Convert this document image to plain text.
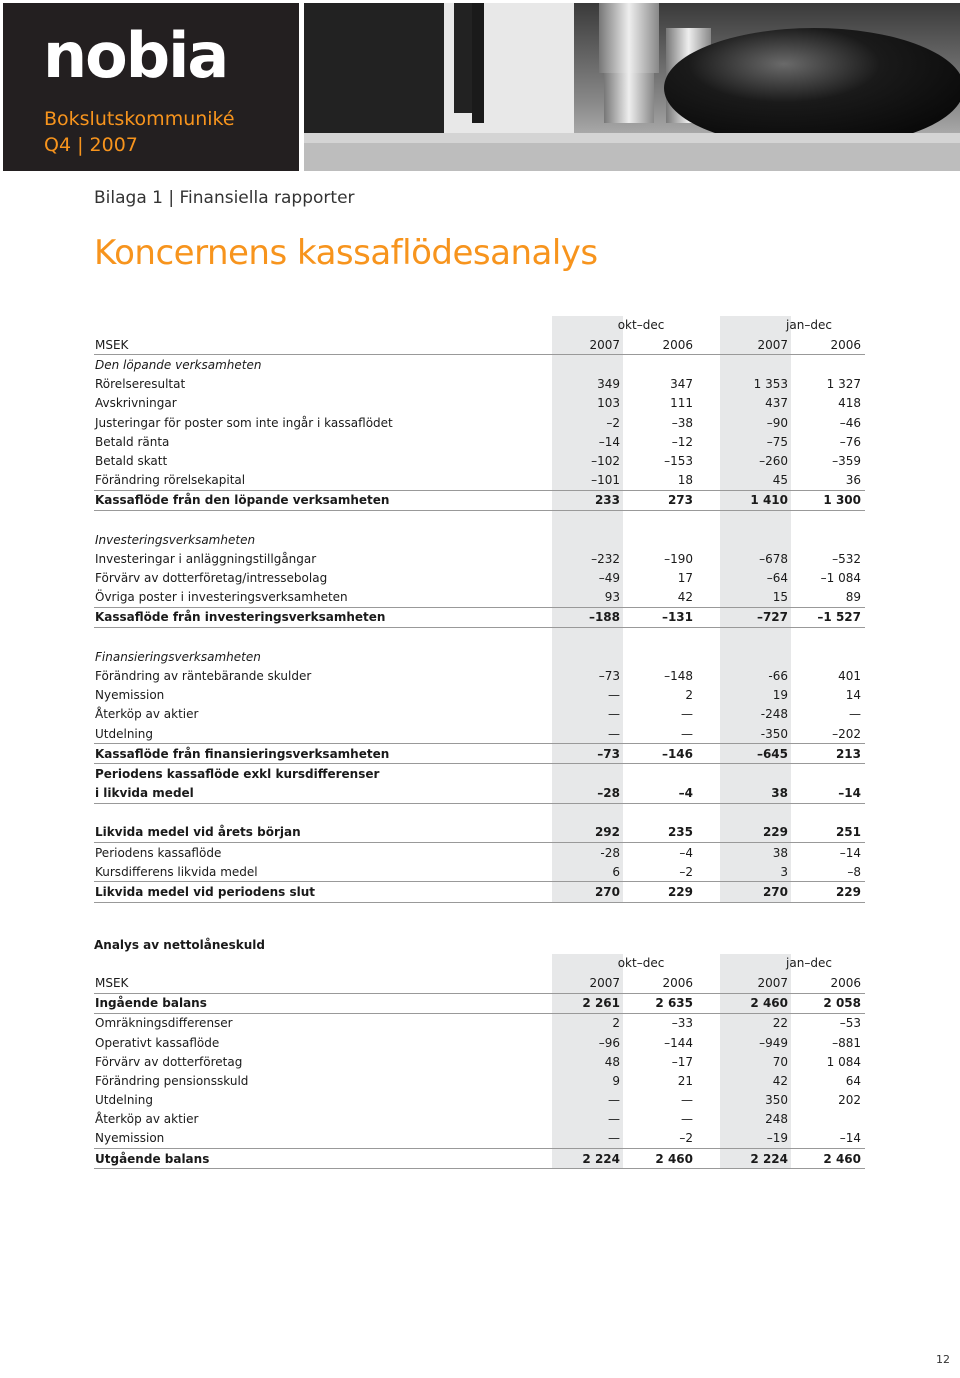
nobia
Bokslutskommuniké
Q4 | 2007
Bilaga 1 | Finansiella rapporter
Koncernens kassaflödesanalys
okt–dec	jan–dec
MSEK	2007	2006	2007	2006
Den löpande verksamheten
Rörelseresultat	349	347	1 353	1 327
Avskrivningar	103	111	437	418
Justeringar för poster som inte ingår i kassaflödet	–2	–38	–90	–46
Betald ränta	–14	–12	–75	–76
Betald skatt	–102	–153	–260	–359
Förändring rörelsekapital	–101	18	45	36
Kassaflöde från den löpande verksamheten	233	273	1 410	1 300
Investeringsverksamheten
Investeringar i anläggningstillgångar	–232	–190	–678	–532
Förvärv av dotterföretag/intressebolag	–49	17	–64	–1 084
Övriga poster i investeringsverksamheten	93	42	15	89
Kassaflöde från investeringsverksamheten	–188	–131	–727	–1 527
Finansieringsverksamheten
Förändring av räntebärande skulder	–73	–148	-66	401
Nyemission	—	2	19	14
Återköp av aktier	—	—	-248	—
Utdelning	—	—	-350	–202
Kassaflöde från finansieringsverksamheten	–73	–146	–645	213
Periodens kassaflöde exkl kursdifferenser
i likvida medel	–28	–4	38	–14
Likvida medel vid årets början	292	235	229	251
Periodens kassaflöde	-28	–4	38	–14
Kursdifferens likvida medel	6	–2	3	–8
Likvida medel vid periodens slut	270	229	270	229
Analys av nettolåneskuld
okt–dec	jan–dec
MSEK	2007	2006	2007	2006
Ingående balans	2 261	2 635	2 460	2 058
Omräkningsdifferenser	2	–33	22	–53
Operativt kassaflöde	–96	–144	–949	–881
Förvärv av dotterföretag	48	–17	70	1 084
Förändring pensionsskuld	9	21	42	64
Utdelning	—	—	350	202
Återköp av aktier	—	—	248
Nyemission	—	–2	–19	–14
Utgående balans	2 224	2 460	2 224	2 460
12
